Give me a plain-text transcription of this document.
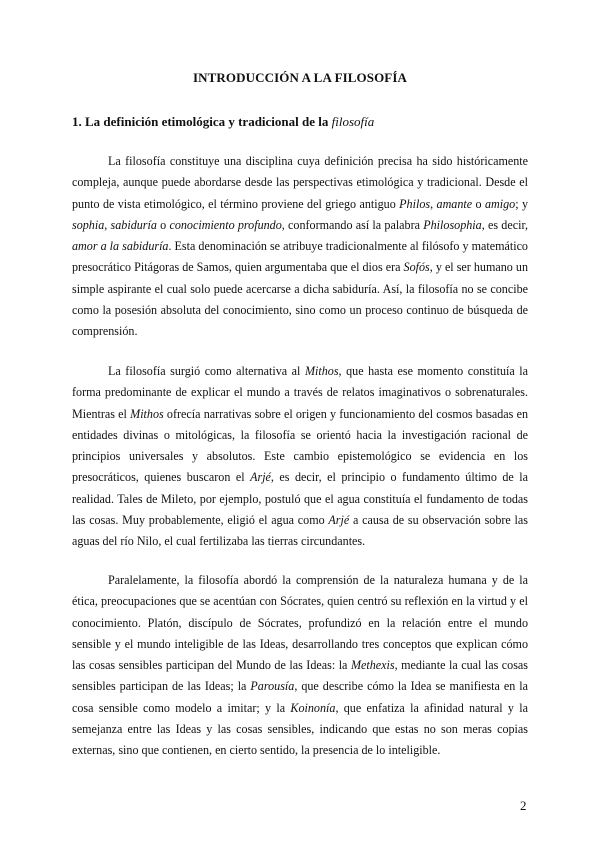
INTRODUCCIÓN A LA FILOSOFÍA
1. La definición etimológica y tradicional de la filosofía

La filosofía constituye una disciplina cuya definición precisa ha sido históricamente compleja, aunque puede abordarse desde las perspectivas etimológica y tradicional. Desde el punto de vista etimológico, el término proviene del griego antiguo Philos, amante o amigo; y sophia, sabiduría o conocimiento profundo, conformando así la palabra Philosophia, es decir, amor a la sabiduría. Esta denominación se atribuye tradicionalmente al filósofo y matemático presocrático Pitágoras de Samos, quien argumentaba que el dios era Sofós, y el ser humano un simple aspirante el cual solo puede acercarse a dicha sabiduría. Así, la filosofía no se concibe como la posesión absoluta del conocimiento, sino como un proceso continuo de búsqueda de comprensión.

La filosofía surgió como alternativa al Mithos, que hasta ese momento constituía la forma predominante de explicar el mundo a través de relatos imaginativos o sobrenaturales. Mientras el Mithos ofrecía narrativas sobre el origen y funcionamiento del cosmos basadas en entidades divinas o mitológicas, la filosofía se orientó hacia la investigación racional de principios universales y absolutos. Este cambio epistemológico se evidencia en los presocráticos, quienes buscaron el Arjé, es decir, el principio o fundamento último de la realidad. Tales de Mileto, por ejemplo, postuló que el agua constituía el fundamento de todas las cosas. Muy probablemente, eligió el agua como Arjé a causa de su observación sobre las aguas del río Nilo, el cual fertilizaba las tierras circundantes.

Paralelamente, la filosofía abordó la comprensión de la naturaleza humana y de la ética, preocupaciones que se acentúan con Sócrates, quien centró su reflexión en la virtud y el conocimiento. Platón, discípulo de Sócrates, profundizó en la relación entre el mundo sensible y el mundo inteligible de las Ideas, desarrollando tres conceptos que explican cómo las cosas sensibles participan del Mundo de las Ideas: la Methexis, mediante la cual las cosas sensibles participan de las Ideas; la Parousía, que describe cómo la Idea se manifiesta en la cosa sensible como modelo a imitar; y la Koinonía, que enfatiza la afinidad natural y la semejanza entre las Ideas y las cosas sensibles, indicando que estas no son meras copias externas, sino que contienen, en cierto sentido, la presencia de lo inteligible.

2
